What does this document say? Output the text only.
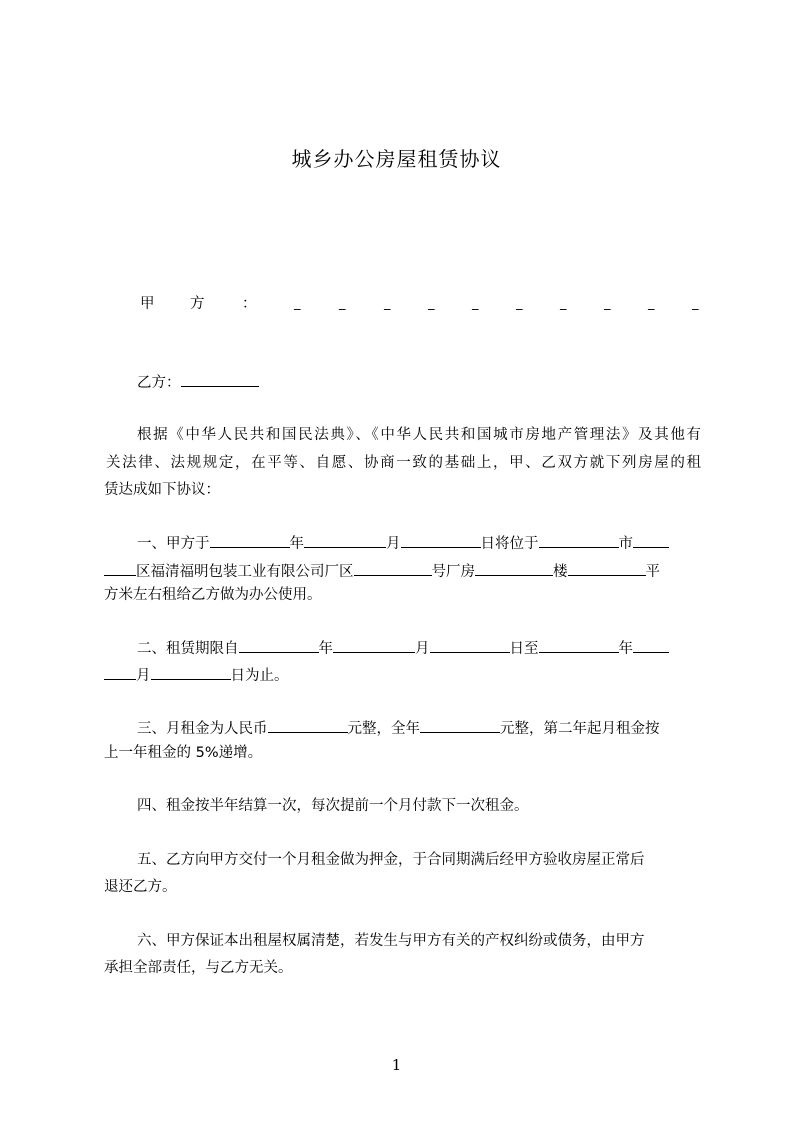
城乡办公房屋租赁协议
甲 方	：	_	_	_	_	_	_	_	_	_	_
乙方：
根据《中华人民共和国民法典》、《中华人民共和国城市房地产管理法》及其他有
关法律、法规规定，在平等、自愿、协商一致的基础上，甲、乙双方就下列房屋的租
赁达成如下协议：
一、甲方于	年	月	日将位于	市
区福清福明包装工业有限公司厂区	号厂房	楼	平
方米左右租给乙方做为办公使用。
二、租赁期限自	年	月	日至	年
月	日为止。
三、月租金为人民币	元整，全年	元整，第二年起月租金按
上一年租金的 5%递增。
四、租金按半年结算一次，每次提前一个月付款下一次租金。
五、乙方向甲方交付一个月租金做为押金，于合同期满后经甲方验收房屋正常后
退还乙方。
六、甲方保证本出租屋权属清楚，若发生与甲方有关的产权纠纷或债务，由甲方
承担全部责任，与乙方无关。
1
